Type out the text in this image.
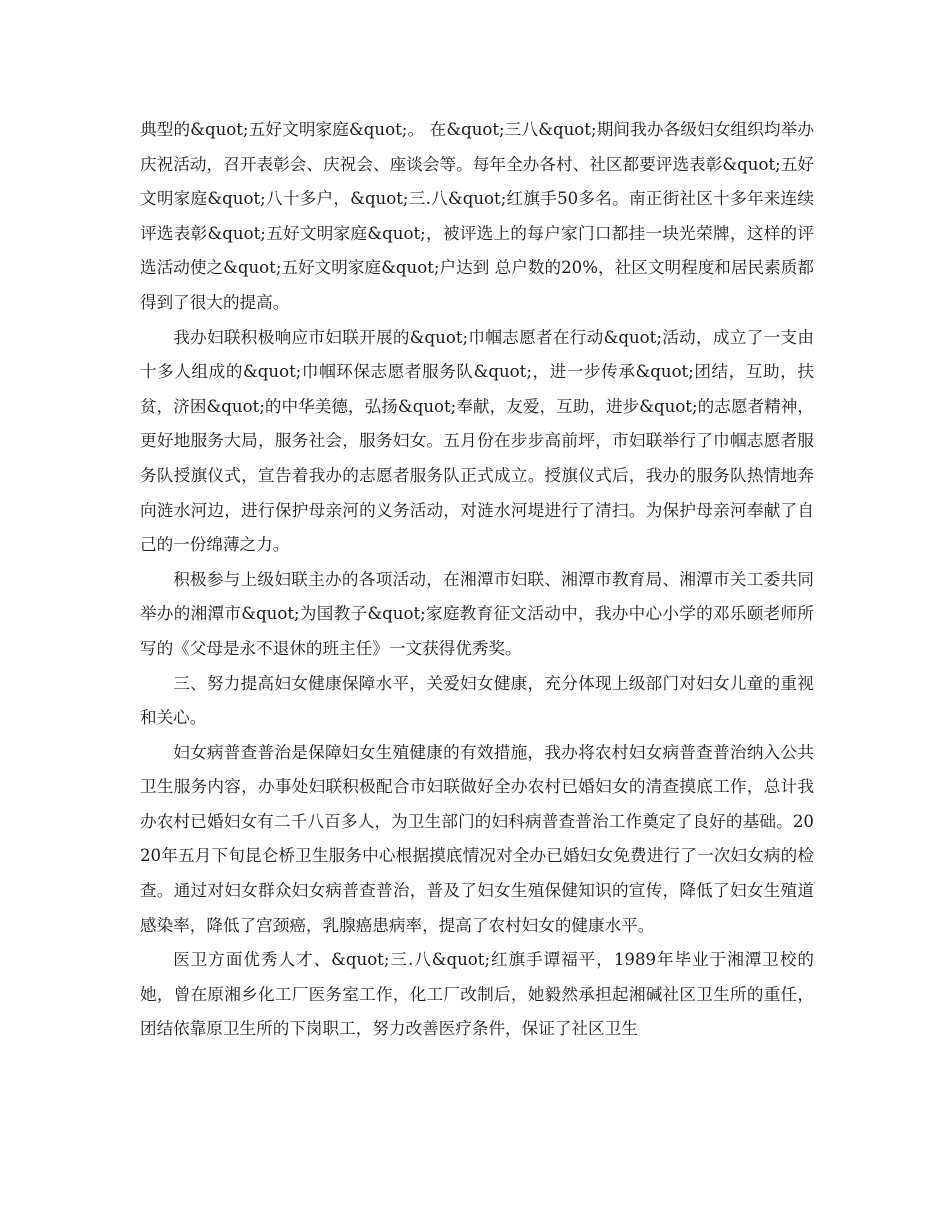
典型的&quot;五好文明家庭&quot;。 在&quot;三八&quot;期间我办各级妇女组织均举办庆祝活动，召开表彰会、庆祝会、座谈会等。每年全办各村、社区都要评选表彰&quot;五好文明家庭&quot;八十多户，&quot;三.八&quot;红旗手50多名。南正街社区十多年来连续评选表彰&quot;五好文明家庭&quot;，被评选上的每户家门口都挂一块光荣牌，这样的评选活动使之&quot;五好文明家庭&quot;户达到 总户数的20%，社区文明程度和居民素质都得到了很大的提高。

我办妇联积极响应市妇联开展的&quot;巾帼志愿者在行动&quot;活动，成立了一支由十多人组成的&quot;巾帼环保志愿者服务队&quot;，进一步传承&quot;团结，互助，扶贫，济困&quot;的中华美德，弘扬&quot;奉献，友爱，互助，进步&quot;的志愿者精神，更好地服务大局，服务社会，服务妇女。五月份在步步高前坪，市妇联举行了巾帼志愿者服务队授旗仪式，宣告着我办的志愿者服务队正式成立。授旗仪式后，我办的服务队热情地奔向涟水河边，进行保护母亲河的义务活动，对涟水河堤进行了清扫。为保护母亲河奉献了自己的一份绵薄之力。

积极参与上级妇联主办的各项活动，在湘潭市妇联、湘潭市教育局、湘潭市关工委共同举办的湘潭市&quot;为国教子&quot;家庭教育征文活动中，我办中心小学的邓乐颐老师所写的《父母是永不退休的班主任》一文获得优秀奖。

三、努力提高妇女健康保障水平，关爱妇女健康，充分体现上级部门对妇女儿童的重视和关心。

妇女病普查普治是保障妇女生殖健康的有效措施，我办将农村妇女病普查普治纳入公共卫生服务内容，办事处妇联积极配合市妇联做好全办农村已婚妇女的清查摸底工作，总计我办农村已婚妇女有二千八百多人，为卫生部门的妇科病普查普治工作奠定了良好的基础。2020年五月下旬昆仑桥卫生服务中心根据摸底情况对全办已婚妇女免费进行了一次妇女病的检查。通过对妇女群众妇女病普查普治，普及了妇女生殖保健知识的宣传，降低了妇女生殖道感染率，降低了宫颈癌，乳腺癌患病率，提高了农村妇女的健康水平。

医卫方面优秀人才、&quot;三.八&quot;红旗手谭福平，1989年毕业于湘潭卫校的她，曾在原湘乡化工厂医务室工作，化工厂改制后，她毅然承担起湘碱社区卫生所的重任，团结依靠原卫生所的下岗职工，努力改善医疗条件，保证了社区卫生
